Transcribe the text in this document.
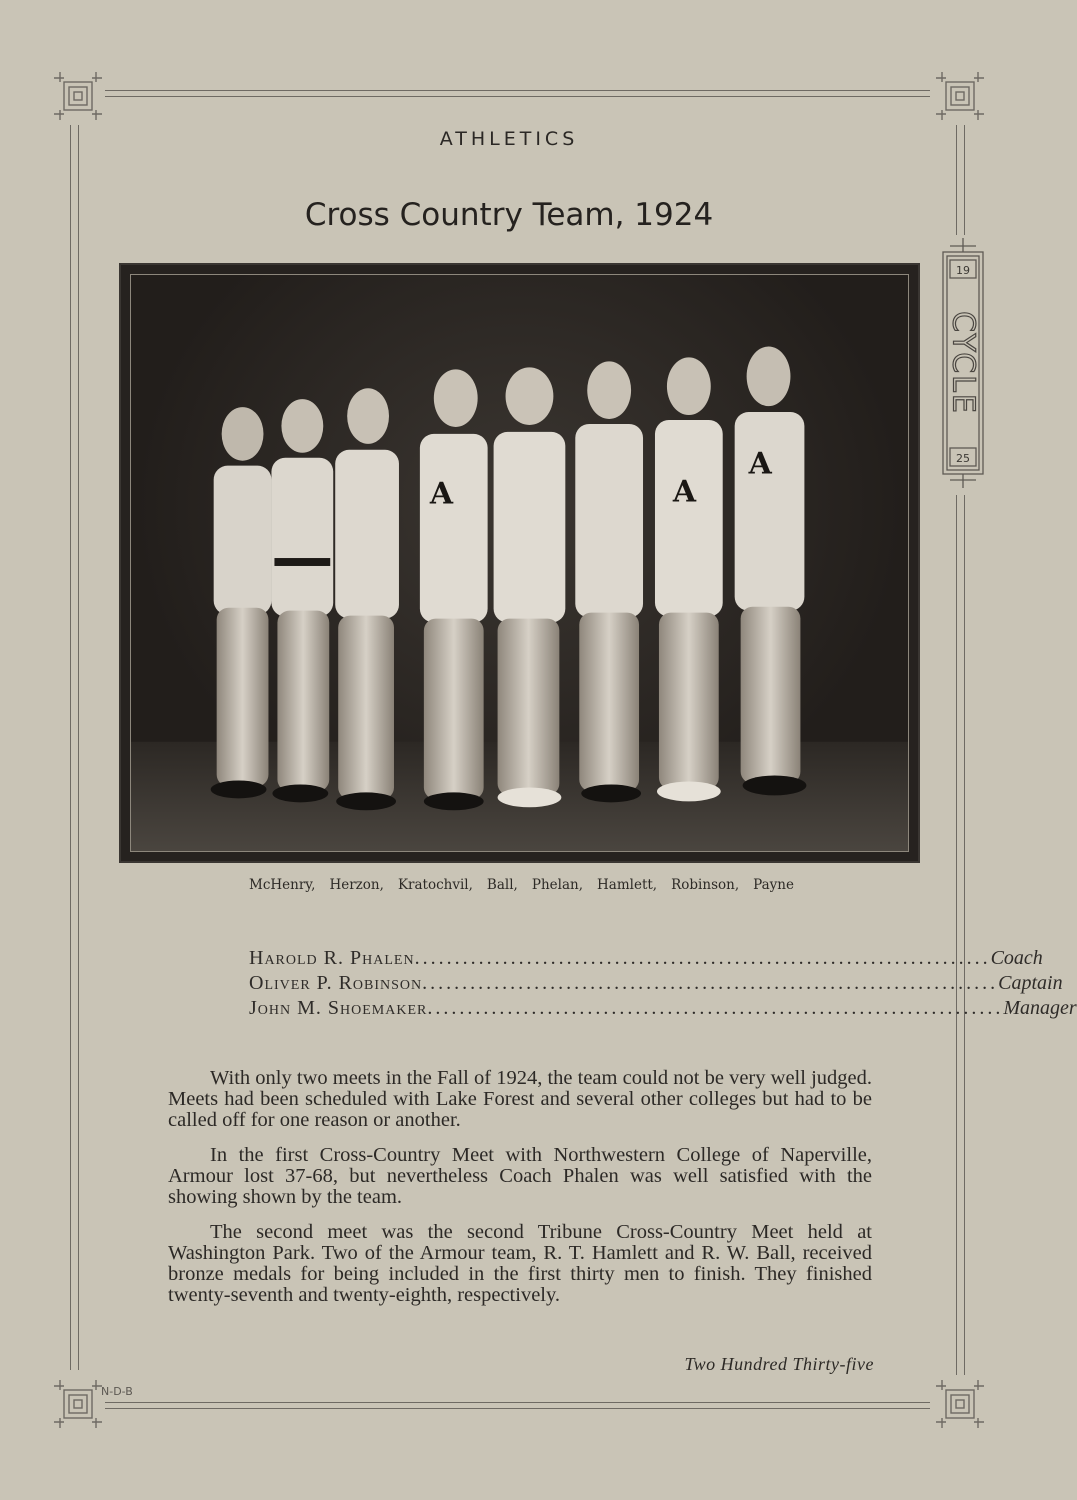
19
25
CYCLE
ATHLETICS
Cross Country Team, 1924
A	A
A
McHenry, Herzon, Kratochvil, Ball, Phelan, Hamlett, Robinson, Payne
Harold R. Phalen ........................................................................ Coach
Oliver P. Robinson ........................................................................ Captain
John M. Shoemaker ........................................................................ Manager

With only two meets in the Fall of 1924, the team could not be very well judged. Meets had been scheduled with Lake Forest and several other colleges but had to be called off for one reason or another.

In the first Cross-Country Meet with Northwestern College of Naperville, Armour lost 37-68, but nevertheless Coach Phalen was well satisfied with the showing shown by the team.

The second meet was the second Tribune Cross-Country Meet held at Washington Park. Two of the Armour team, R. T. Hamlett and R. W. Ball, received bronze medals for being included in the first thirty men to finish. They finished twenty-seventh and twenty-eighth, respectively.

Two Hundred Thirty-five
N-D-B
